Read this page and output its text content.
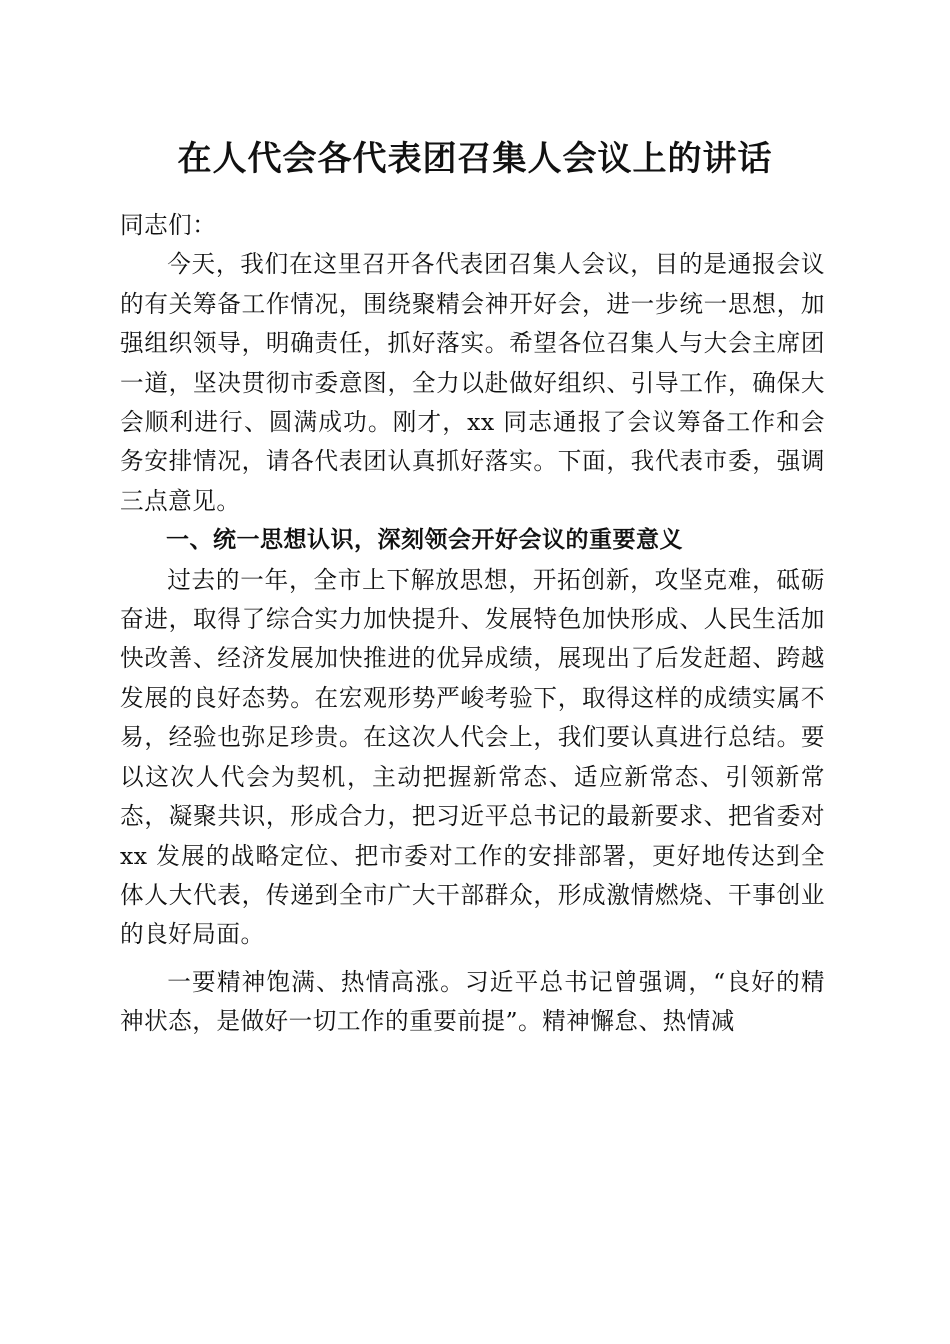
在人代会各代表团召集人会议上的讲话

同志们：

今天，我们在这里召开各代表团召集人会议，目的是通报会议的有关筹备工作情况，围绕聚精会神开好会，进一步统一思想，加强组织领导，明确责任，抓好落实。希望各位召集人与大会主席团一道，坚决贯彻市委意图，全力以赴做好组织、引导工作，确保大会顺利进行、圆满成功。刚才，xx 同志通报了会议筹备工作和会务安排情况，请各代表团认真抓好落实。下面，我代表市委，强调三点意见。

一、统一思想认识，深刻领会开好会议的重要意义

过去的一年，全市上下解放思想，开拓创新，攻坚克难，砥砺奋进，取得了综合实力加快提升、发展特色加快形成、人民生活加快改善、经济发展加快推进的优异成绩，展现出了后发赶超、跨越发展的良好态势。在宏观形势严峻考验下，取得这样的成绩实属不易，经验也弥足珍贵。在这次人代会上，我们要认真进行总结。要以这次人代会为契机，主动把握新常态、适应新常态、引领新常态，凝聚共识，形成合力，把习近平总书记的最新要求、把省委对 xx 发展的战略定位、把市委对工作的安排部署，更好地传达到全体人大代表，传递到全市广大干部群众，形成激情燃烧、干事创业的良好局面。

一要精神饱满、热情高涨。习近平总书记曾强调，“良好的精神状态，是做好一切工作的重要前提”。精神懈怠、热情减
